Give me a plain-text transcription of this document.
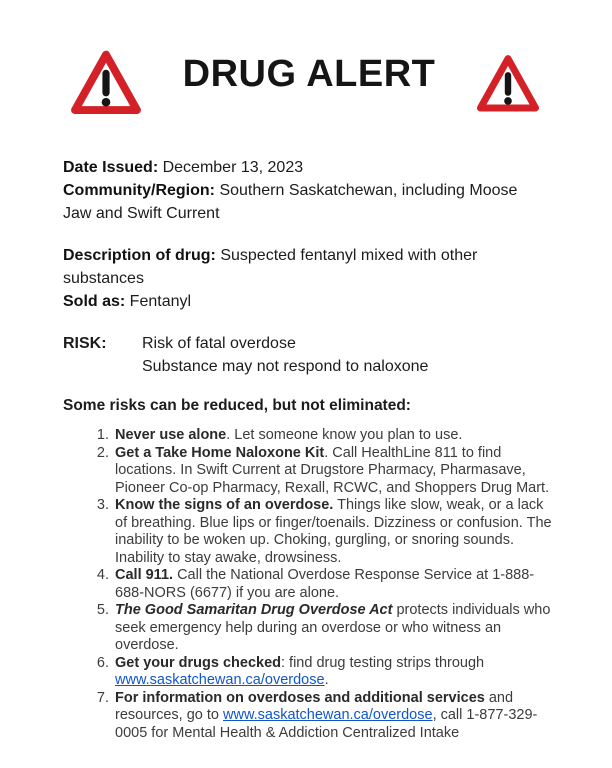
DRUG ALERT

Date Issued: December 13, 2023
Community/Region: Southern Saskatchewan, including Moose Jaw and Swift Current

Description of drug: Suspected fentanyl mixed with other substances
Sold as: Fentanyl

RISK:	Risk of fatal overdose
Substance may not respond to naloxone

Some risks can be reduced, but not eliminated:

1. Never use alone. Let someone know you plan to use.
2. Get a Take Home Naloxone Kit. Call HealthLine 811 to find locations. In Swift Current at Drugstore Pharmacy, Pharmasave, Pioneer Co-op Pharmacy, Rexall, RCWC, and Shoppers Drug Mart.
3. Know the signs of an overdose. Things like slow, weak, or a lack of breathing. Blue lips or finger/toenails. Dizziness or confusion. The inability to be woken up. Choking, gurgling, or snoring sounds. Inability to stay awake, drowsiness.
4. Call 911. Call the National Overdose Response Service at 1-888-688-NORS (6677) if you are alone.
5. The Good Samaritan Drug Overdose Act protects individuals who seek emergency help during an overdose or who witness an overdose.
6. Get your drugs checked: find drug testing strips through www.saskatchewan.ca/overdose.
7. For information on overdoses and additional services and resources, go to www.saskatchewan.ca/overdose, call 1-877-329-0005 for Mental Health & Addiction Centralized Intake
